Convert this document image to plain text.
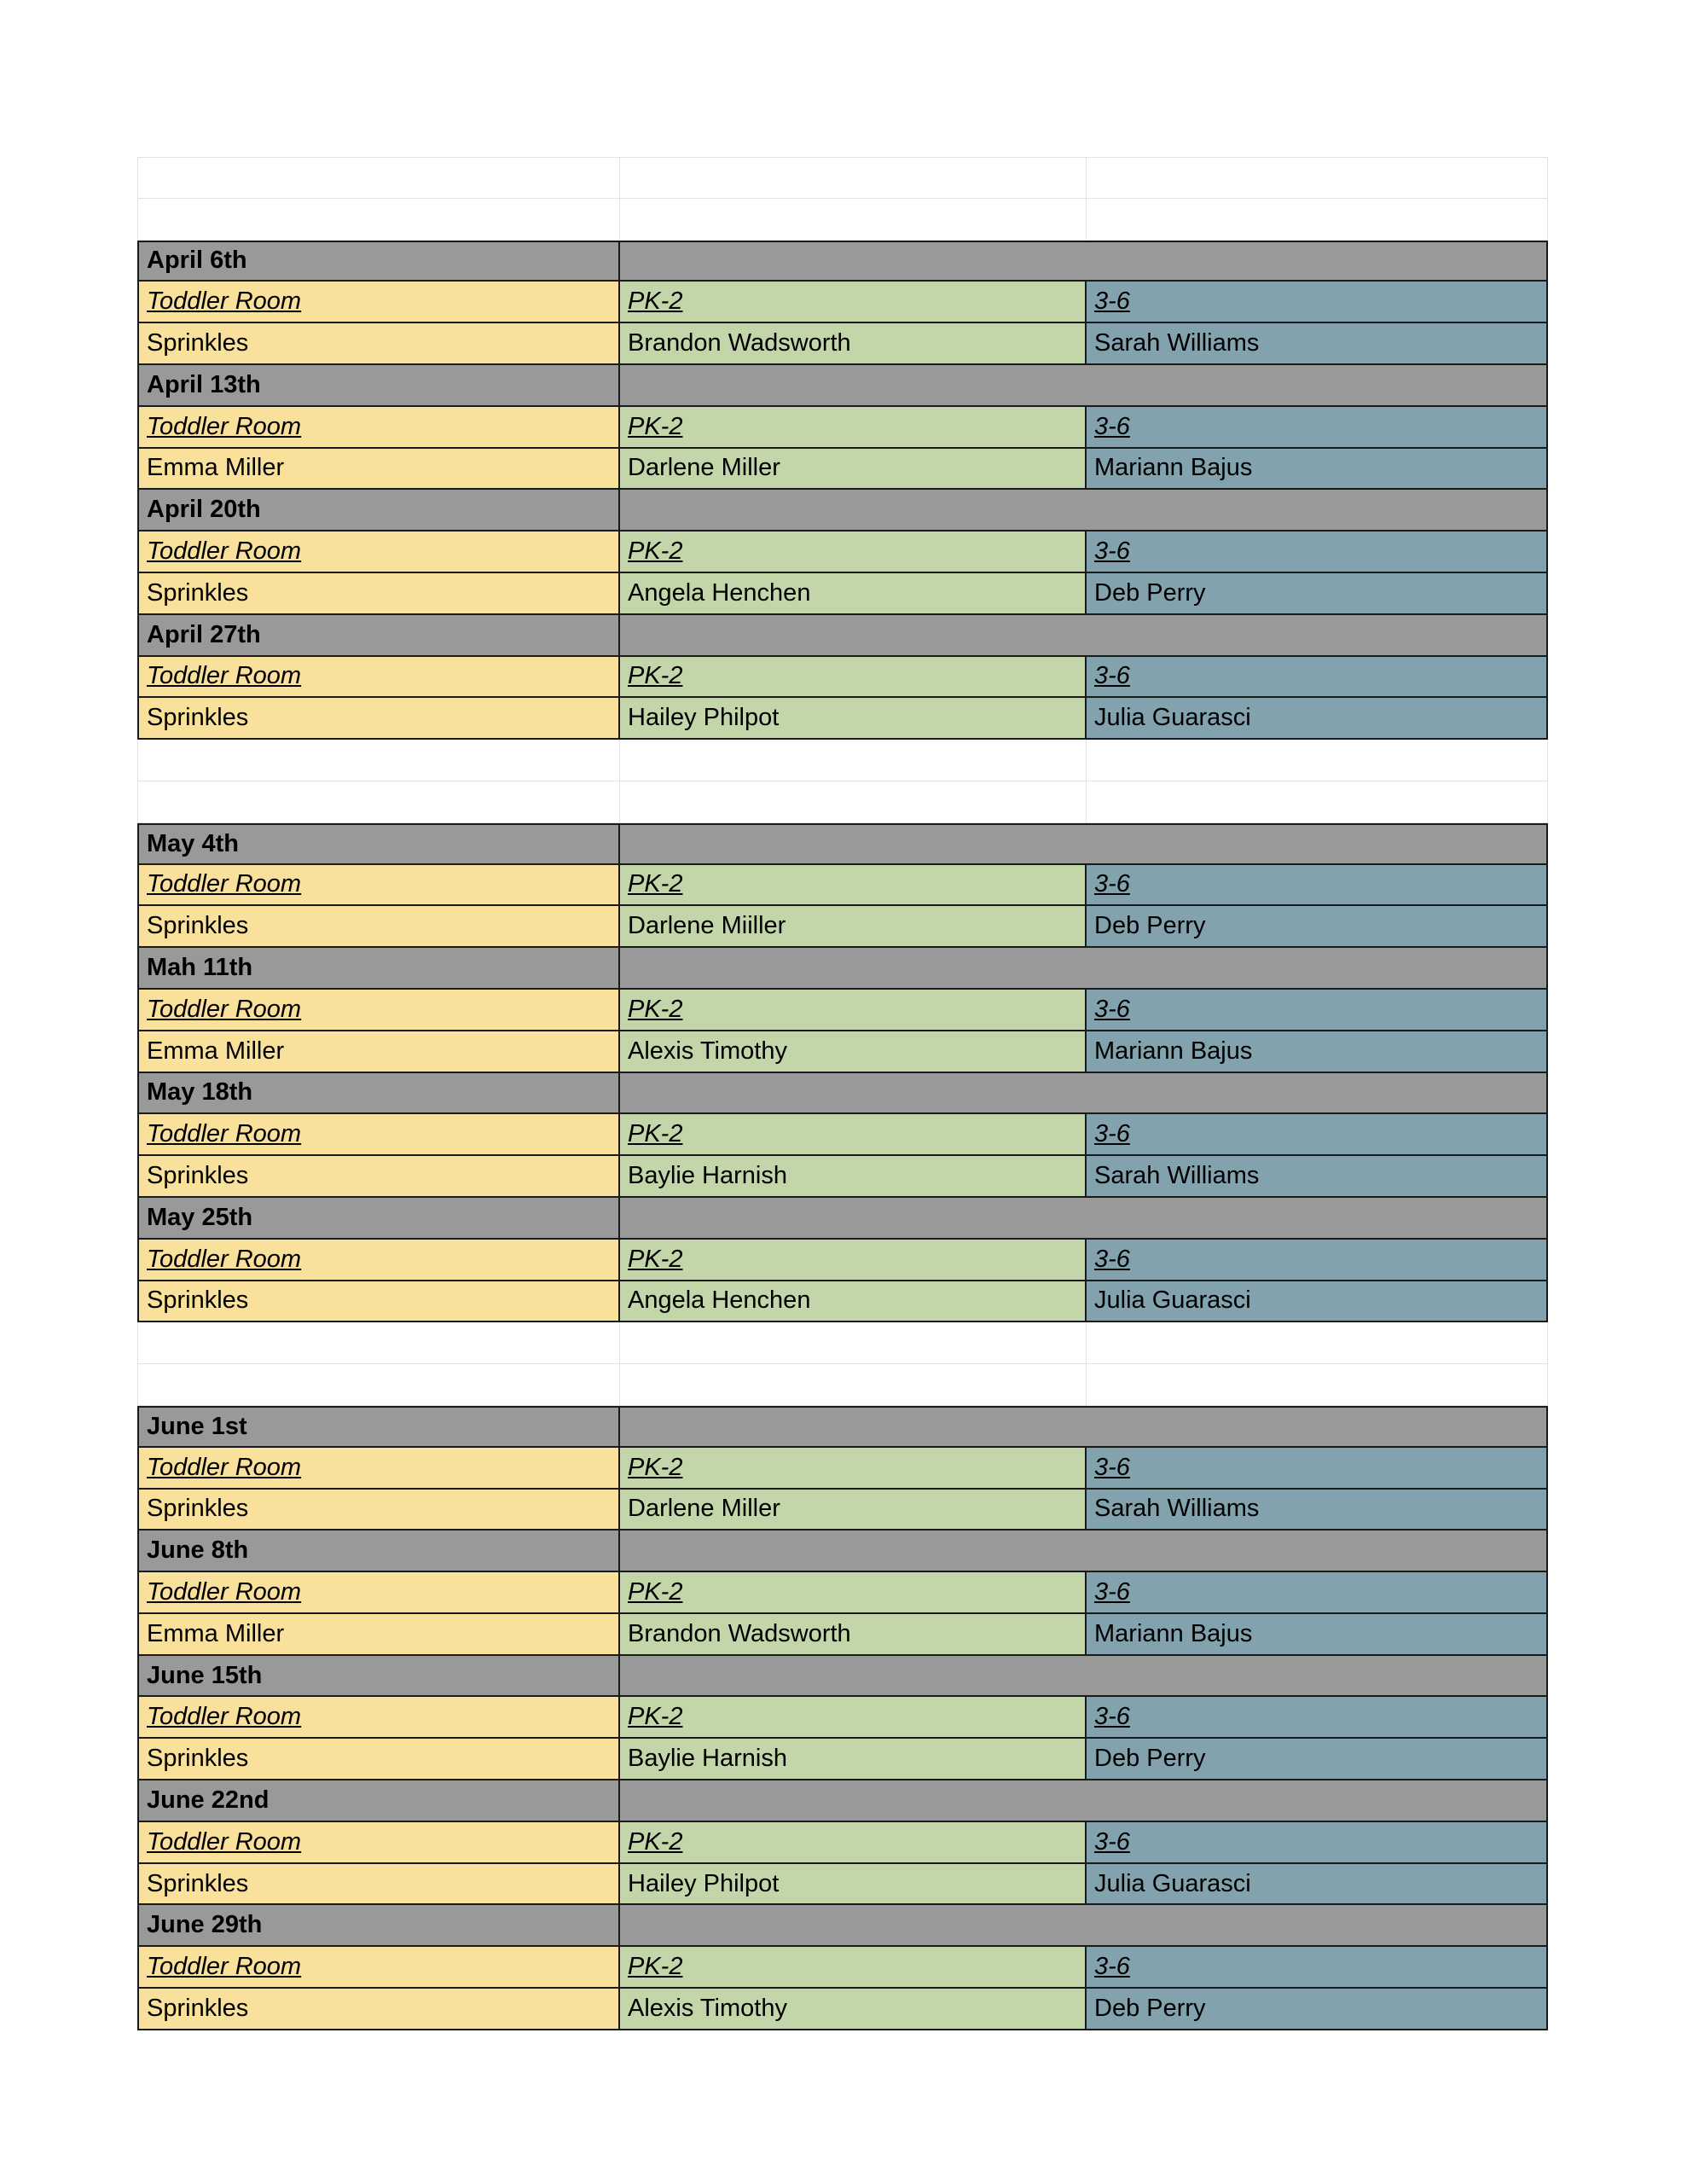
April 6th
Toddler Room	PK-2	3-6
Sprinkles	Brandon Wadsworth	Sarah Williams
April 13th
Toddler Room	PK-2	3-6
Emma Miller	Darlene Miller	Mariann Bajus
April 20th
Toddler Room	PK-2	3-6
Sprinkles	Angela Henchen	Deb Perry
April 27th
Toddler Room	PK-2	3-6
Sprinkles	Hailey Philpot	Julia Guarasci
May 4th
Toddler Room	PK-2	3-6
Sprinkles	Darlene Miiller	Deb Perry
Mah 11th
Toddler Room	PK-2	3-6
Emma Miller	Alexis Timothy	Mariann Bajus
May 18th
Toddler Room	PK-2	3-6
Sprinkles	Baylie Harnish	Sarah Williams
May 25th
Toddler Room	PK-2	3-6
Sprinkles	Angela Henchen	Julia Guarasci
June 1st
Toddler Room	PK-2	3-6
Sprinkles	Darlene Miller	Sarah Williams
June 8th
Toddler Room	PK-2	3-6
Emma Miller	Brandon Wadsworth	Mariann Bajus
June 15th
Toddler Room	PK-2	3-6
Sprinkles	Baylie Harnish	Deb Perry
June 22nd
Toddler Room	PK-2	3-6
Sprinkles	Hailey Philpot	Julia Guarasci
June 29th
Toddler Room	PK-2	3-6
Sprinkles	Alexis Timothy	Deb Perry
